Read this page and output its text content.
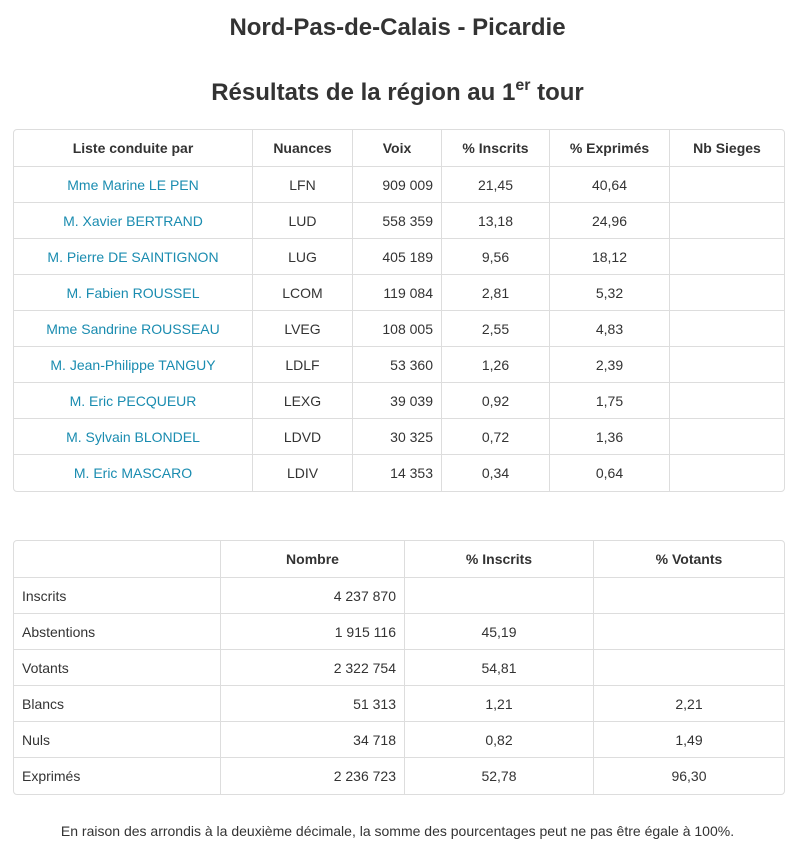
Nord-Pas-de-Calais - Picardie
Résultats de la région au 1er tour
Liste conduite par	Nuances	Voix	% Inscrits	% Exprimés	Nb Sieges
Mme Marine LE PEN	LFN	909 009	21,45	40,64	
M. Xavier BERTRAND	LUD	558 359	13,18	24,96	
M. Pierre DE SAINTIGNON	LUG	405 189	9,56	18,12	
M. Fabien ROUSSEL	LCOM	119 084	2,81	5,32	
Mme Sandrine ROUSSEAU	LVEG	108 005	2,55	4,83	
M. Jean-Philippe TANGUY	LDLF	53 360	1,26	2,39	
M. Eric PECQUEUR	LEXG	39 039	0,92	1,75	
M. Sylvain BLONDEL	LDVD	30 325	0,72	1,36	
M. Eric MASCARO	LDIV	14 353	0,34	0,64	
	Nombre	% Inscrits	% Votants
Inscrits	4 237 870		
Abstentions	1 915 116	45,19	
Votants	2 322 754	54,81	
Blancs	51 313	1,21	2,21
Nuls	34 718	0,82	1,49
Exprimés	2 236 723	52,78	96,30

En raison des arrondis à la deuxième décimale, la somme des pourcentages peut ne pas être égale à 100%.
